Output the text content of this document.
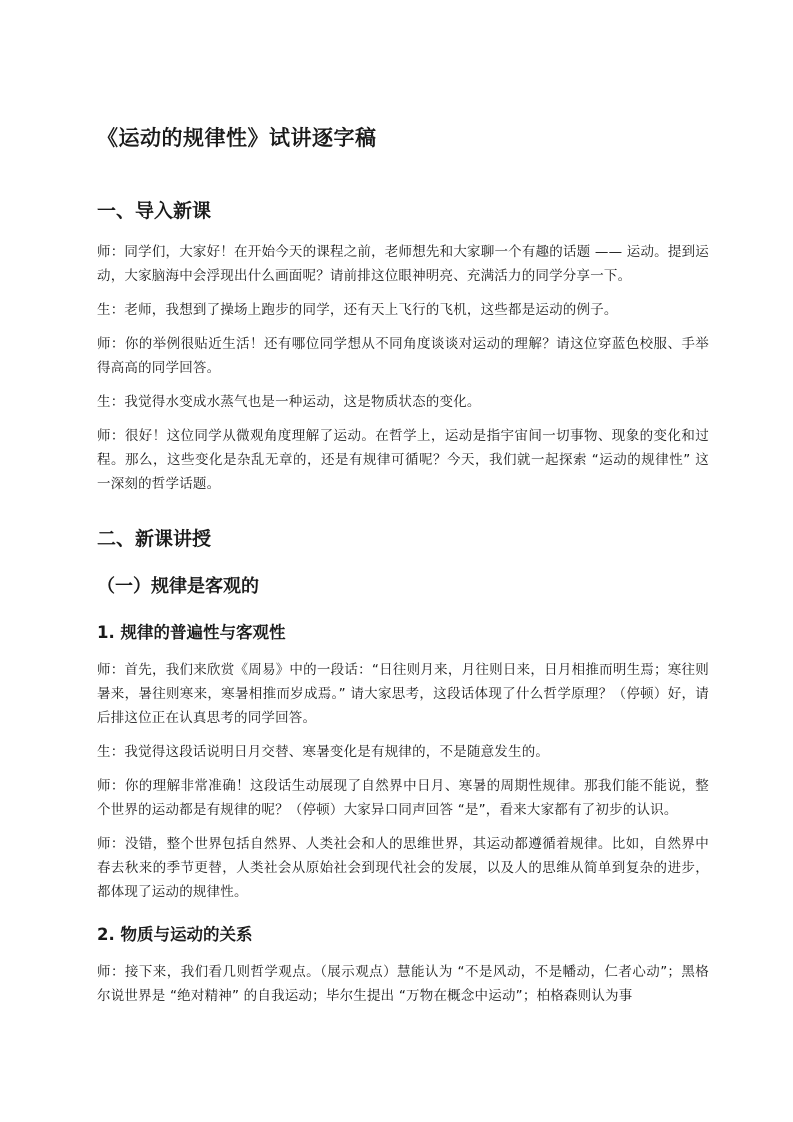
《运动的规律性》试讲逐字稿
一、导入新课

师：同学们，大家好！在开始今天的课程之前，老师想先和大家聊一个有趣的话题 —— 运动。提到运动，大家脑海中会浮现出什么画面呢？请前排这位眼神明亮、充满活力的同学分享一下。

生：老师，我想到了操场上跑步的同学，还有天上飞行的飞机，这些都是运动的例子。

师：你的举例很贴近生活！还有哪位同学想从不同角度谈谈对运动的理解？请这位穿蓝色校服、手举得高高的同学回答。

生：我觉得水变成水蒸气也是一种运动，这是物质状态的变化。

师：很好！这位同学从微观角度理解了运动。在哲学上，运动是指宇宙间一切事物、现象的变化和过程。那么，这些变化是杂乱无章的，还是有规律可循呢？今天，我们就一起探索 “运动的规律性” 这一深刻的哲学话题。

二、新课讲授
（一）规律是客观的
1. 规律的普遍性与客观性

师：首先，我们来欣赏《周易》中的一段话：“日往则月来，月往则日来，日月相推而明生焉；寒往则暑来，暑往则寒来，寒暑相推而岁成焉。” 请大家思考，这段话体现了什么哲学原理？（停顿）好，请后排这位正在认真思考的同学回答。

生：我觉得这段话说明日月交替、寒暑变化是有规律的，不是随意发生的。

师：你的理解非常准确！这段话生动展现了自然界中日月、寒暑的周期性规律。那我们能不能说，整个世界的运动都是有规律的呢？（停顿）大家异口同声回答 “是”，看来大家都有了初步的认识。

师：没错，整个世界包括自然界、人类社会和人的思维世界，其运动都遵循着规律。比如，自然界中春去秋来的季节更替，人类社会从原始社会到现代社会的发展，以及人的思维从简单到复杂的进步，都体现了运动的规律性。

2. 物质与运动的关系

师：接下来，我们看几则哲学观点。（展示观点）慧能认为 “不是风动，不是幡动，仁者心动”；黑格尔说世界是 “绝对精神” 的自我运动；毕尔生提出 “万物在概念中运动”；柏格森则认为事
